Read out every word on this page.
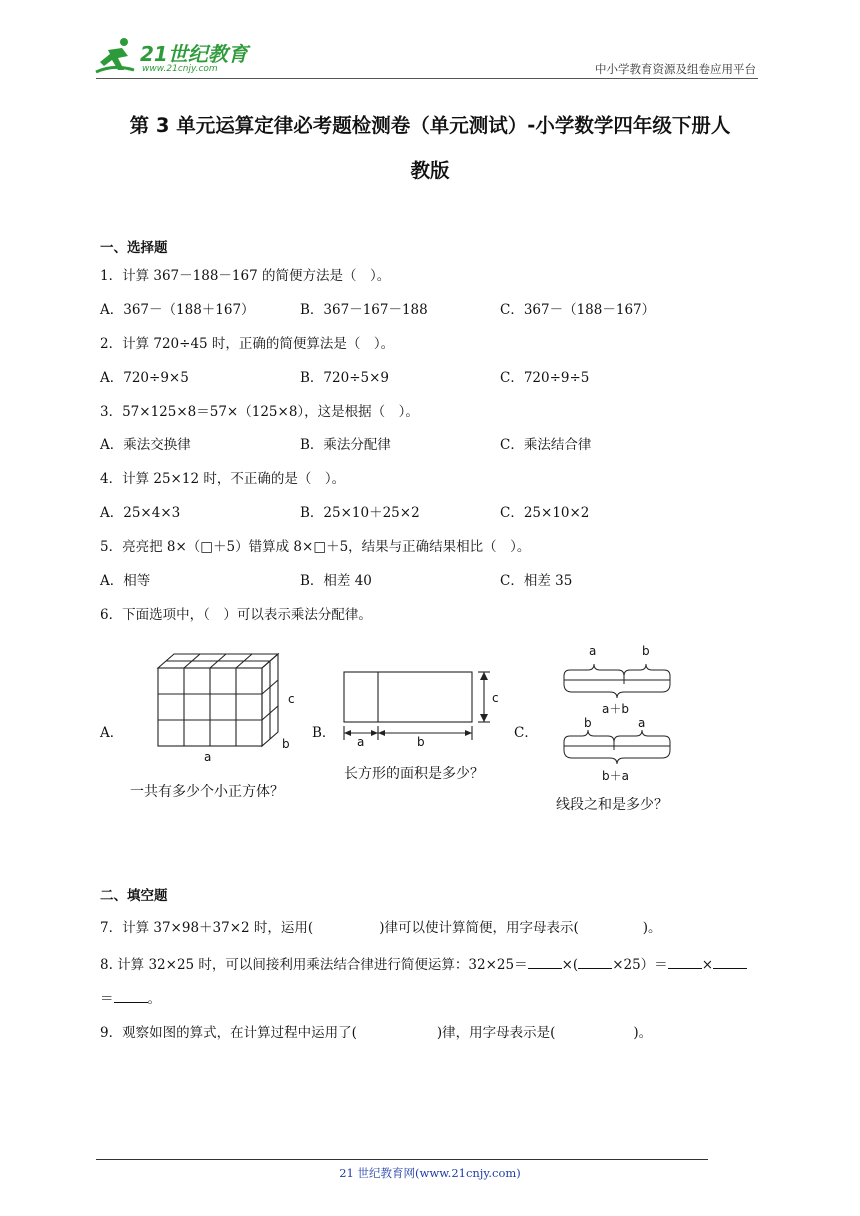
21世纪教育
www.21cnjy.com	中小学教育资源及组卷应用平台
第 3 单元运算定律必考题检测卷（单元测试）-小学数学四年级下册人
教版
一、选择题
1．计算 367－188－167 的简便方法是（　）。
A．367－（188＋167）	B．367－167－188	C．367－（188－167）
2．计算 720÷45 时，正确的简便算法是（　）。
A．720÷9×5	B．720÷5×9	C．720÷9÷5
3．57×125×8＝57×（125×8），这是根据（　）。
A．乘法交换律	B．乘法分配律	C．乘法结合律
4．计算 25×12 时，不正确的是（　）。
A．25×4×3	B．25×10＋25×2	C．25×10×2
5．亮亮把 8×（□＋5）错算成 8×□＋5，结果与正确结果相比（　）。
A．相等	B．相差 40	C．相差 35
6．下面选项中，（　）可以表示乘法分配律。
A．	B．	C．
c
b
a
一共有多少个小正方体？
c
a	b
长方形的面积是多少？
a	b
a＋b
b	a
b＋a
线段之和是多少？
二、填空题
7．计算 37×98＋37×2 时，运用(	)律可以使计算简便，用字母表示(	)。
8. 计算 32×25 时，可以间接利用乘法结合律进行简便运算：32×25＝	×(	×25）＝	×
＝	。
9．观察如图的算式，在计算过程中运用了(	)律，用字母表示是(	)。
21 世纪教育网(www.21cnjy.com)
